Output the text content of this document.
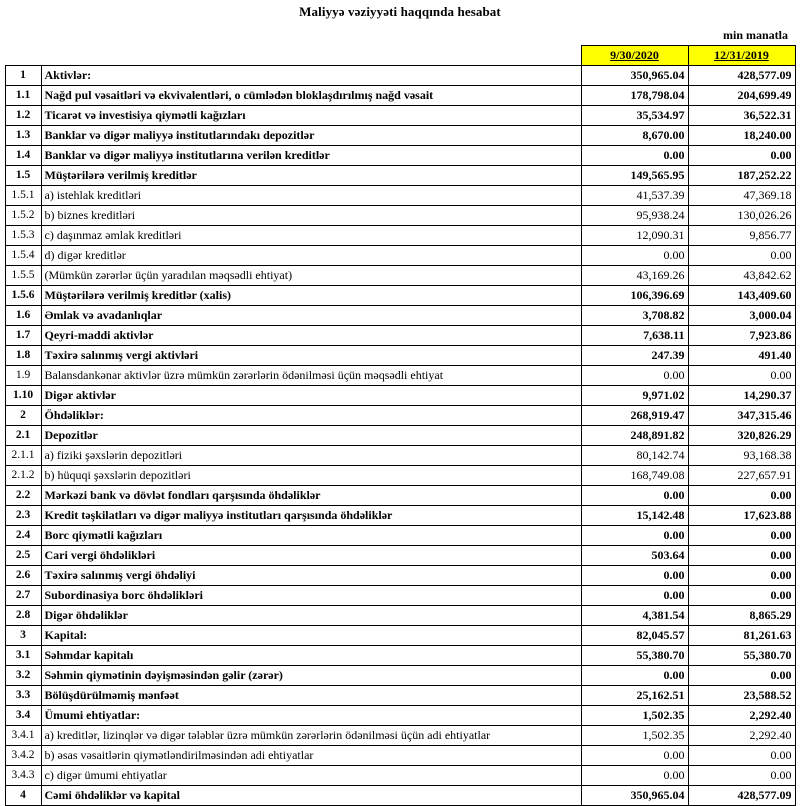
Maliyyə vəziyyəti haqqında hesabat
min manatla
		9/30/2020	12/31/2019
1	Aktivlər:	350,965.04	428,577.09
1.1	Nağd pul vəsaitləri və ekvivalentləri, o cümlədən bloklaşdırılmış nağd vəsait	178,798.04	204,699.49
1.2	Ticarət və investisiya qiymətli kağızları	35,534.97	36,522.31
1.3	Banklar və digər maliyyə institutlarındakı depozitlər	8,670.00	18,240.00
1.4	Banklar və digər maliyyə institutlarına verilən kreditlər	0.00	0.00
1.5	Müştərilərə verilmiş kreditlər	149,565.95	187,252.22
1.5.1	a) istehlak kreditləri	41,537.39	47,369.18
1.5.2	b) biznes kreditləri	95,938.24	130,026.26
1.5.3	c) daşınmaz əmlak kreditləri	12,090.31	9,856.77
1.5.4	d) digər kreditlər	0.00	0.00
1.5.5	(Mümkün zərərlər üçün yaradılan məqsədli ehtiyat)	43,169.26	43,842.62
1.5.6	Müştərilərə verilmiş kreditlər (xalis)	106,396.69	143,409.60
1.6	Əmlak və avadanlıqlar	3,708.82	3,000.04
1.7	Qeyri-maddi aktivlər	7,638.11	7,923.86
1.8	Təxirə salınmış vergi aktivləri	247.39	491.40
1.9	Balansdankənar aktivlər üzrə mümkün zərərlərin ödənilməsi üçün məqsədli ehtiyat	0.00	0.00
1.10	Digər aktivlər	9,971.02	14,290.37
2	Öhdəliklər:	268,919.47	347,315.46
2.1	Depozitlər	248,891.82	320,826.29
2.1.1	a) fiziki şəxslərin depozitləri	80,142.74	93,168.38
2.1.2	b) hüquqi şəxslərin depozitləri	168,749.08	227,657.91
2.2	Mərkəzi bank və dövlət fondları qarşısında öhdəliklər	0.00	0.00
2.3	Kredit təşkilatları və digər maliyyə institutları qarşısında öhdəliklər	15,142.48	17,623.88
2.4	Borc qiymətli kağızları	0.00	0.00
2.5	Cari vergi öhdəlikləri	503.64	0.00
2.6	Təxirə salınmış vergi öhdəliyi	0.00	0.00
2.7	Subordinasiya borc öhdəlikləri	0.00	0.00
2.8	Digər öhdəliklər	4,381.54	8,865.29
3	Kapital:	82,045.57	81,261.63
3.1	Səhmdar kapitalı	55,380.70	55,380.70
3.2	Səhmin qiymətinin dəyişməsindən gəlir (zərər)	0.00	0.00
3.3	Bölüşdürülməmiş mənfəət	25,162.51	23,588.52
3.4	Ümumi ehtiyatlar:	1,502.35	2,292.40
3.4.1	a) kreditlər, lizinqlər və digər tələblər üzrə mümkün zərərlərin ödənilməsi üçün adi ehtiyatlar	1,502.35	2,292.40
3.4.2	b) əsas vəsaitlərin qiymətləndirilməsindən adi ehtiyatlar	0.00	0.00
3.4.3	c) digər ümumi ehtiyatlar	0.00	0.00
4	Cəmi öhdəliklər və kapital	350,965.04	428,577.09
